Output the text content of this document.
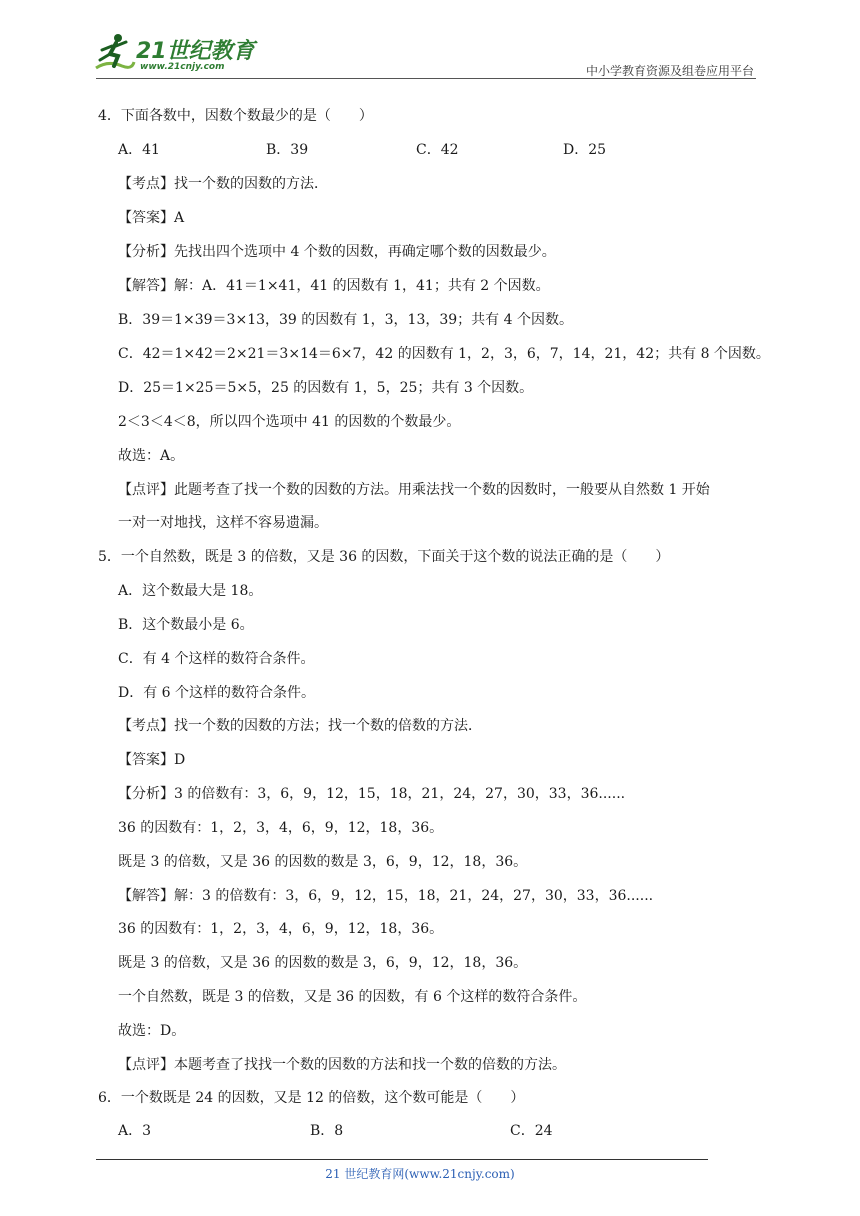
21世纪教育
www.21cnjy.com	中小学教育资源及组卷应用平台
4．下面各数中，因数个数最少的是（　　）
【考点】找一个数的因数的方法．
【答案】A
【分析】先找出四个选项中 4 个数的因数，再确定哪个数的因数最少。
【解答】解：A．41＝1×41，41 的因数有 1，41；共有 2 个因数。
B．39＝1×39＝3×13，39 的因数有 1，3，13，39；共有 4 个因数。
C．42＝1×42＝2×21＝3×14＝6×7，42 的因数有 1，2，3，6，7，14，21，42；共有 8 个因数。
D．25＝1×25＝5×5，25 的因数有 1，5，25；共有 3 个因数。
2＜3＜4＜8，所以四个选项中 41 的因数的个数最少。
故选：A。
【点评】此题考查了找一个数的因数的方法。用乘法找一个数的因数时，一般要从自然数 1 开始
一对一对地找，这样不容易遗漏。
5．一个自然数，既是 3 的倍数，又是 36 的因数，下面关于这个数的说法正确的是（　　）
A．这个数最大是 18。
B．这个数最小是 6。
C．有 4 个这样的数符合条件。
D．有 6 个这样的数符合条件。
【考点】找一个数的因数的方法；找一个数的倍数的方法．
【答案】D
【分析】3 的倍数有：3，6，9，12，15，18，21，24，27，30，33，36......
36 的因数有：1，2，3，4，6，9，12，18，36。
既是 3 的倍数，又是 36 的因数的数是 3，6，9，12，18，36。
【解答】解：3 的倍数有：3，6，9，12，15，18，21，24，27，30，33，36......
36 的因数有：1，2，3，4，6，9，12，18，36。
既是 3 的倍数，又是 36 的因数的数是 3，6，9，12，18，36。
一个自然数，既是 3 的倍数，又是 36 的因数，有 6 个这样的数符合条件。
故选：D。
【点评】本题考查了找找一个数的因数的方法和找一个数的倍数的方法。
6．一个数既是 24 的因数，又是 12 的倍数，这个数可能是（　　）
A．41	B．39	C．42	D．25
A．3	B．8	C．24
21 世纪教育网(www.21cnjy.com)
